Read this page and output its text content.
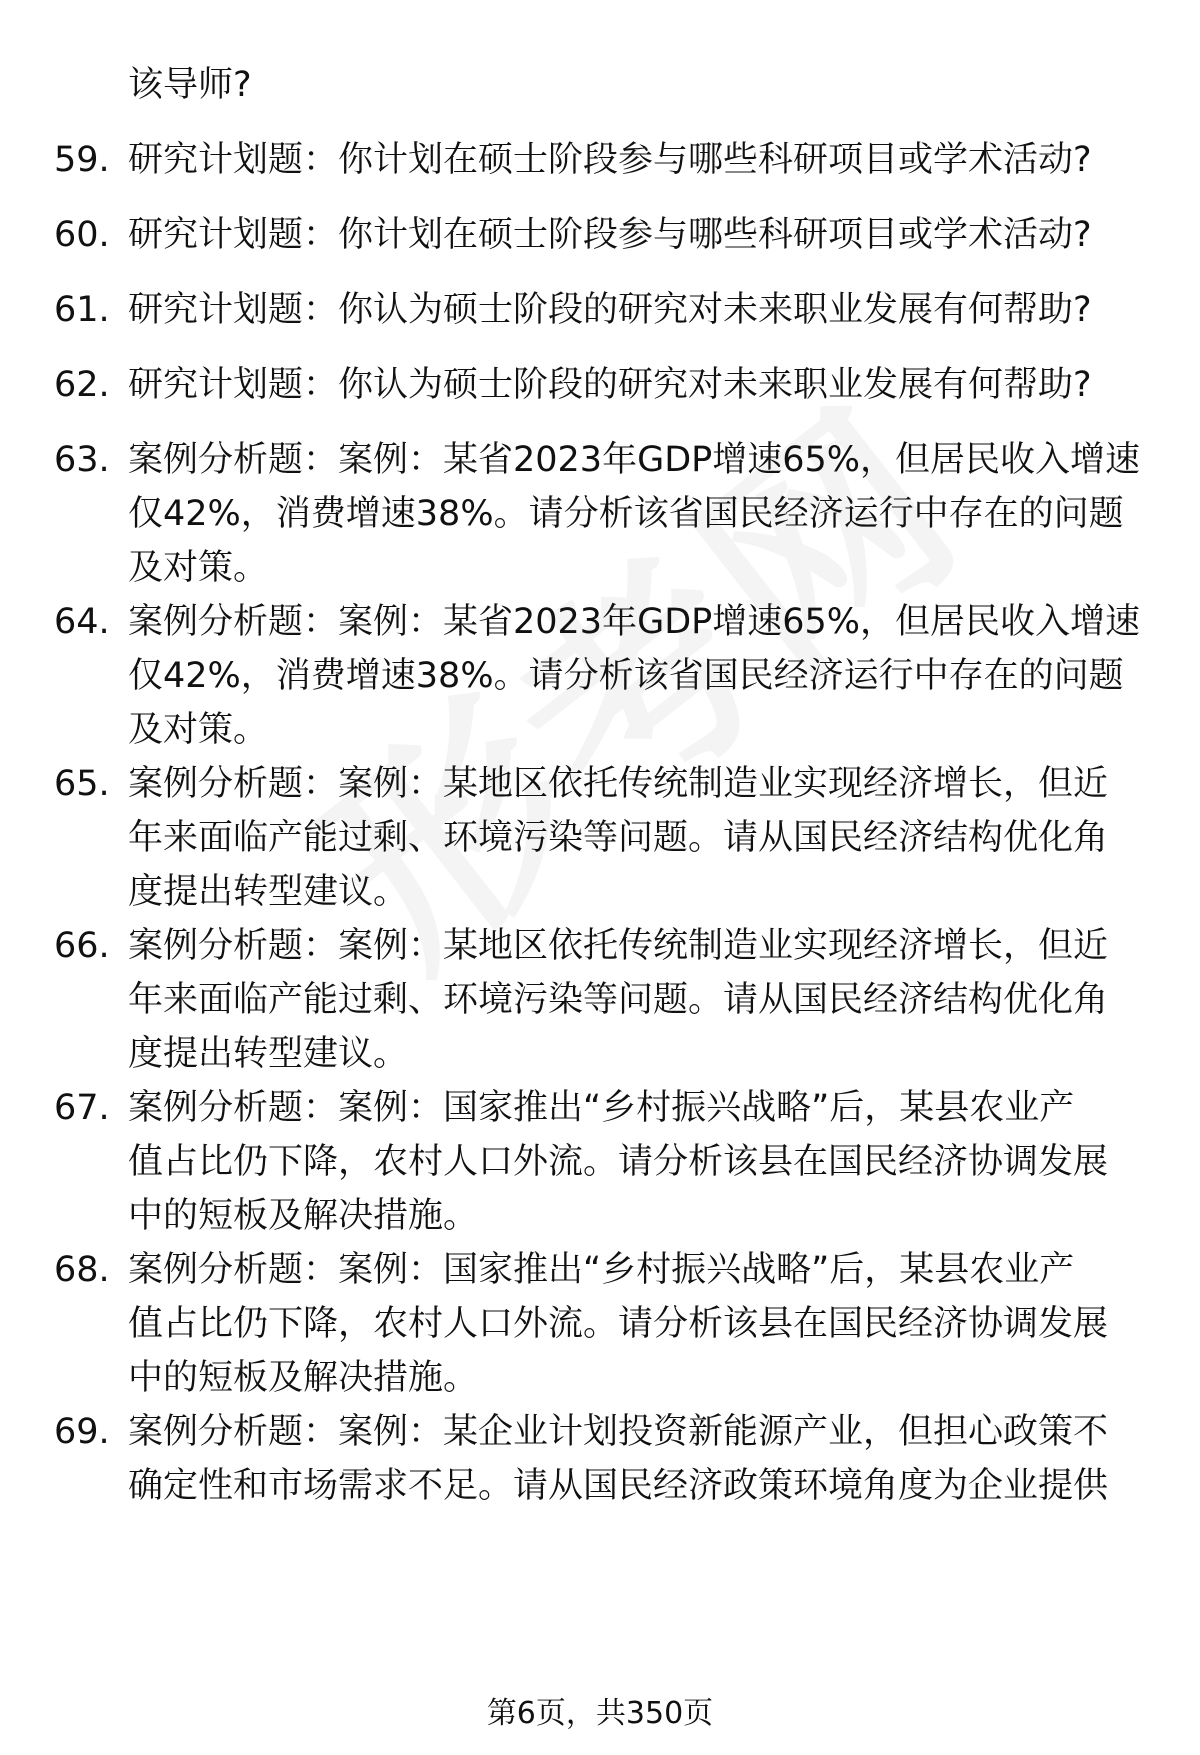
该导师?
59. 研究计划题：你计划在硕士阶段参与哪些科研项目或学术活动?
60. 研究计划题：你计划在硕士阶段参与哪些科研项目或学术活动?
61. 研究计划题：你认为硕士阶段的研究对未来职业发展有何帮助?
62. 研究计划题：你认为硕士阶段的研究对未来职业发展有何帮助?
63. 案例分析题：案例：某省2023年GDP增速65%，但居民收入增速
仅42%，消费增速38%。请分析该省国民经济运行中存在的问题
及对策。
64. 案例分析题：案例：某省2023年GDP增速65%，但居民收入增速
仅42%，消费增速38%。请分析该省国民经济运行中存在的问题
及对策。
65. 案例分析题：案例：某地区依托传统制造业实现经济增长，但近
年来面临产能过剩、环境污染等问题。请从国民经济结构优化角
度提出转型建议。
66. 案例分析题：案例：某地区依托传统制造业实现经济增长，但近
年来面临产能过剩、环境污染等问题。请从国民经济结构优化角
度提出转型建议。
67. 案例分析题：案例：国家推出“乡村振兴战略”后，某县农业产
值占比仍下降，农村人口外流。请分析该县在国民经济协调发展
中的短板及解决措施。
68. 案例分析题：案例：国家推出“乡村振兴战略”后，某县农业产
值占比仍下降，农村人口外流。请分析该县在国民经济协调发展
中的短板及解决措施。
69. 案例分析题：案例：某企业计划投资新能源产业，但担心政策不
确定性和市场需求不足。请从国民经济政策环境角度为企业提供
第6页，共350页
